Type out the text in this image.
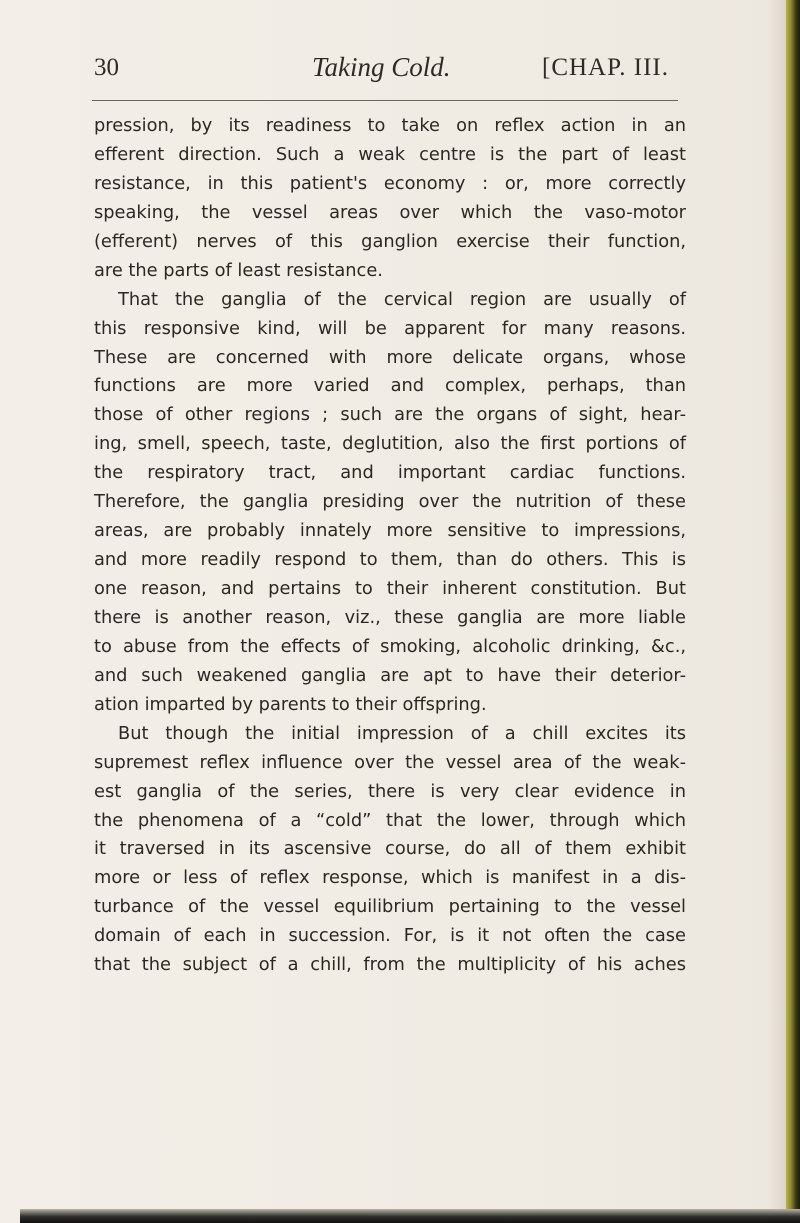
30	Taking Cold.	[CHAP. III.
pression, by its readiness to take on reflex action in an
efferent direction. Such a weak centre is the part of least
resistance, in this patient's economy : or, more correctly
speaking, the vessel areas over which the vaso-motor
(efferent) nerves of this ganglion exercise their function,
are the parts of least resistance.
That the ganglia of the cervical region are usually of
this responsive kind, will be apparent for many reasons.
These are concerned with more delicate organs, whose
functions are more varied and complex, perhaps, than
those of other regions ; such are the organs of sight, hear-
ing, smell, speech, taste, deglutition, also the first portions of
the respiratory tract, and important cardiac functions.
Therefore, the ganglia presiding over the nutrition of these
areas, are probably innately more sensitive to impressions,
and more readily respond to them, than do others. This is
one reason, and pertains to their inherent constitution. But
there is another reason, viz., these ganglia are more liable
to abuse from the effects of smoking, alcoholic drinking, &c.,
and such weakened ganglia are apt to have their deterior-
ation imparted by parents to their offspring.
But though the initial impression of a chill excites its
supremest reflex influence over the vessel area of the weak-
est ganglia of the series, there is very clear evidence in
the phenomena of a “cold” that the lower, through which
it traversed in its ascensive course, do all of them exhibit
more or less of reflex response, which is manifest in a dis-
turbance of the vessel equilibrium pertaining to the vessel
domain of each in succession. For, is it not often the case
that the subject of a chill, from the multiplicity of his aches
